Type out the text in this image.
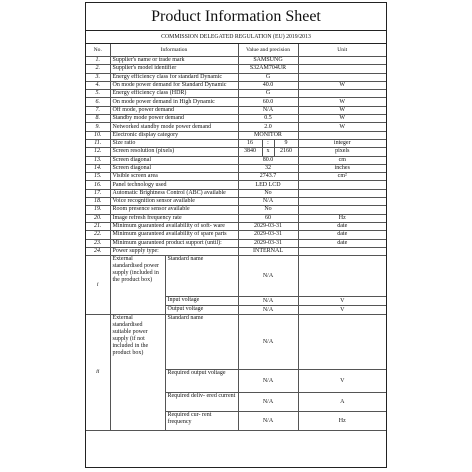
Product Information Sheet
COMMISSION DELEGATED REGULATION (EU) 2019/2013
No.	Information		Value and precision			Unit
1.	Supplier's name or trade mark		SAMSUNG			
2.	Supplier's model identifier		S32AM704UR			
3.	Energy efficiency class for standard Dynamic		G			
4.	On mode power demand for Standard Dynamic		40.0			W
5.	Energy efficiency class (HDR)		G			
6.	On mode power demand in High Dynamic		60.0			W
7.	Off mode, power demand		N/A			W
8.	Standby mode power demand		0.5			W
9.	Networked standby mode power demand		2.0			W
10.	Electronic display category		MONITOR			
11.	Size ratio		16	:	9	integer
12.	Screen resolution (pixels)		3840	x	2160	pixels
13.	Screen diagonal		80.0			cm
14.	Screen diagonal		32			inches
15.	Visible screen area		2743.7			cm²
16.	Panel technology used		LED LCD			
17.	Automatic Brightness Control (ABC) available		No			
18.	Voice recognition sensor available		N/A			
19.	Room presence sensor available		No			
20.	Image refresh frequency rate		60			Hz
21.	Minimum guaranteed availability of soft- ware		2029-03-31			date
22.	Minimum guaranteed availability of spare parts		2029-03-31			date
23.	Minimum guaranteed product support (until):		2029-03-31			date
24.	Power supply type:		INTERNAL			
i	External standardised power supply (included in the product box)	Standard name	N/A			
		Input voltage	N/A			V
		Output voltage	N/A			V
ii	External standardised suitable power supply (if not included in the product box)	Standard name	N/A			
		Required output voltage	N/A			V
		Required deliv- ered current	N/A			A
		Required cur- rent frequency	N/A			Hz
